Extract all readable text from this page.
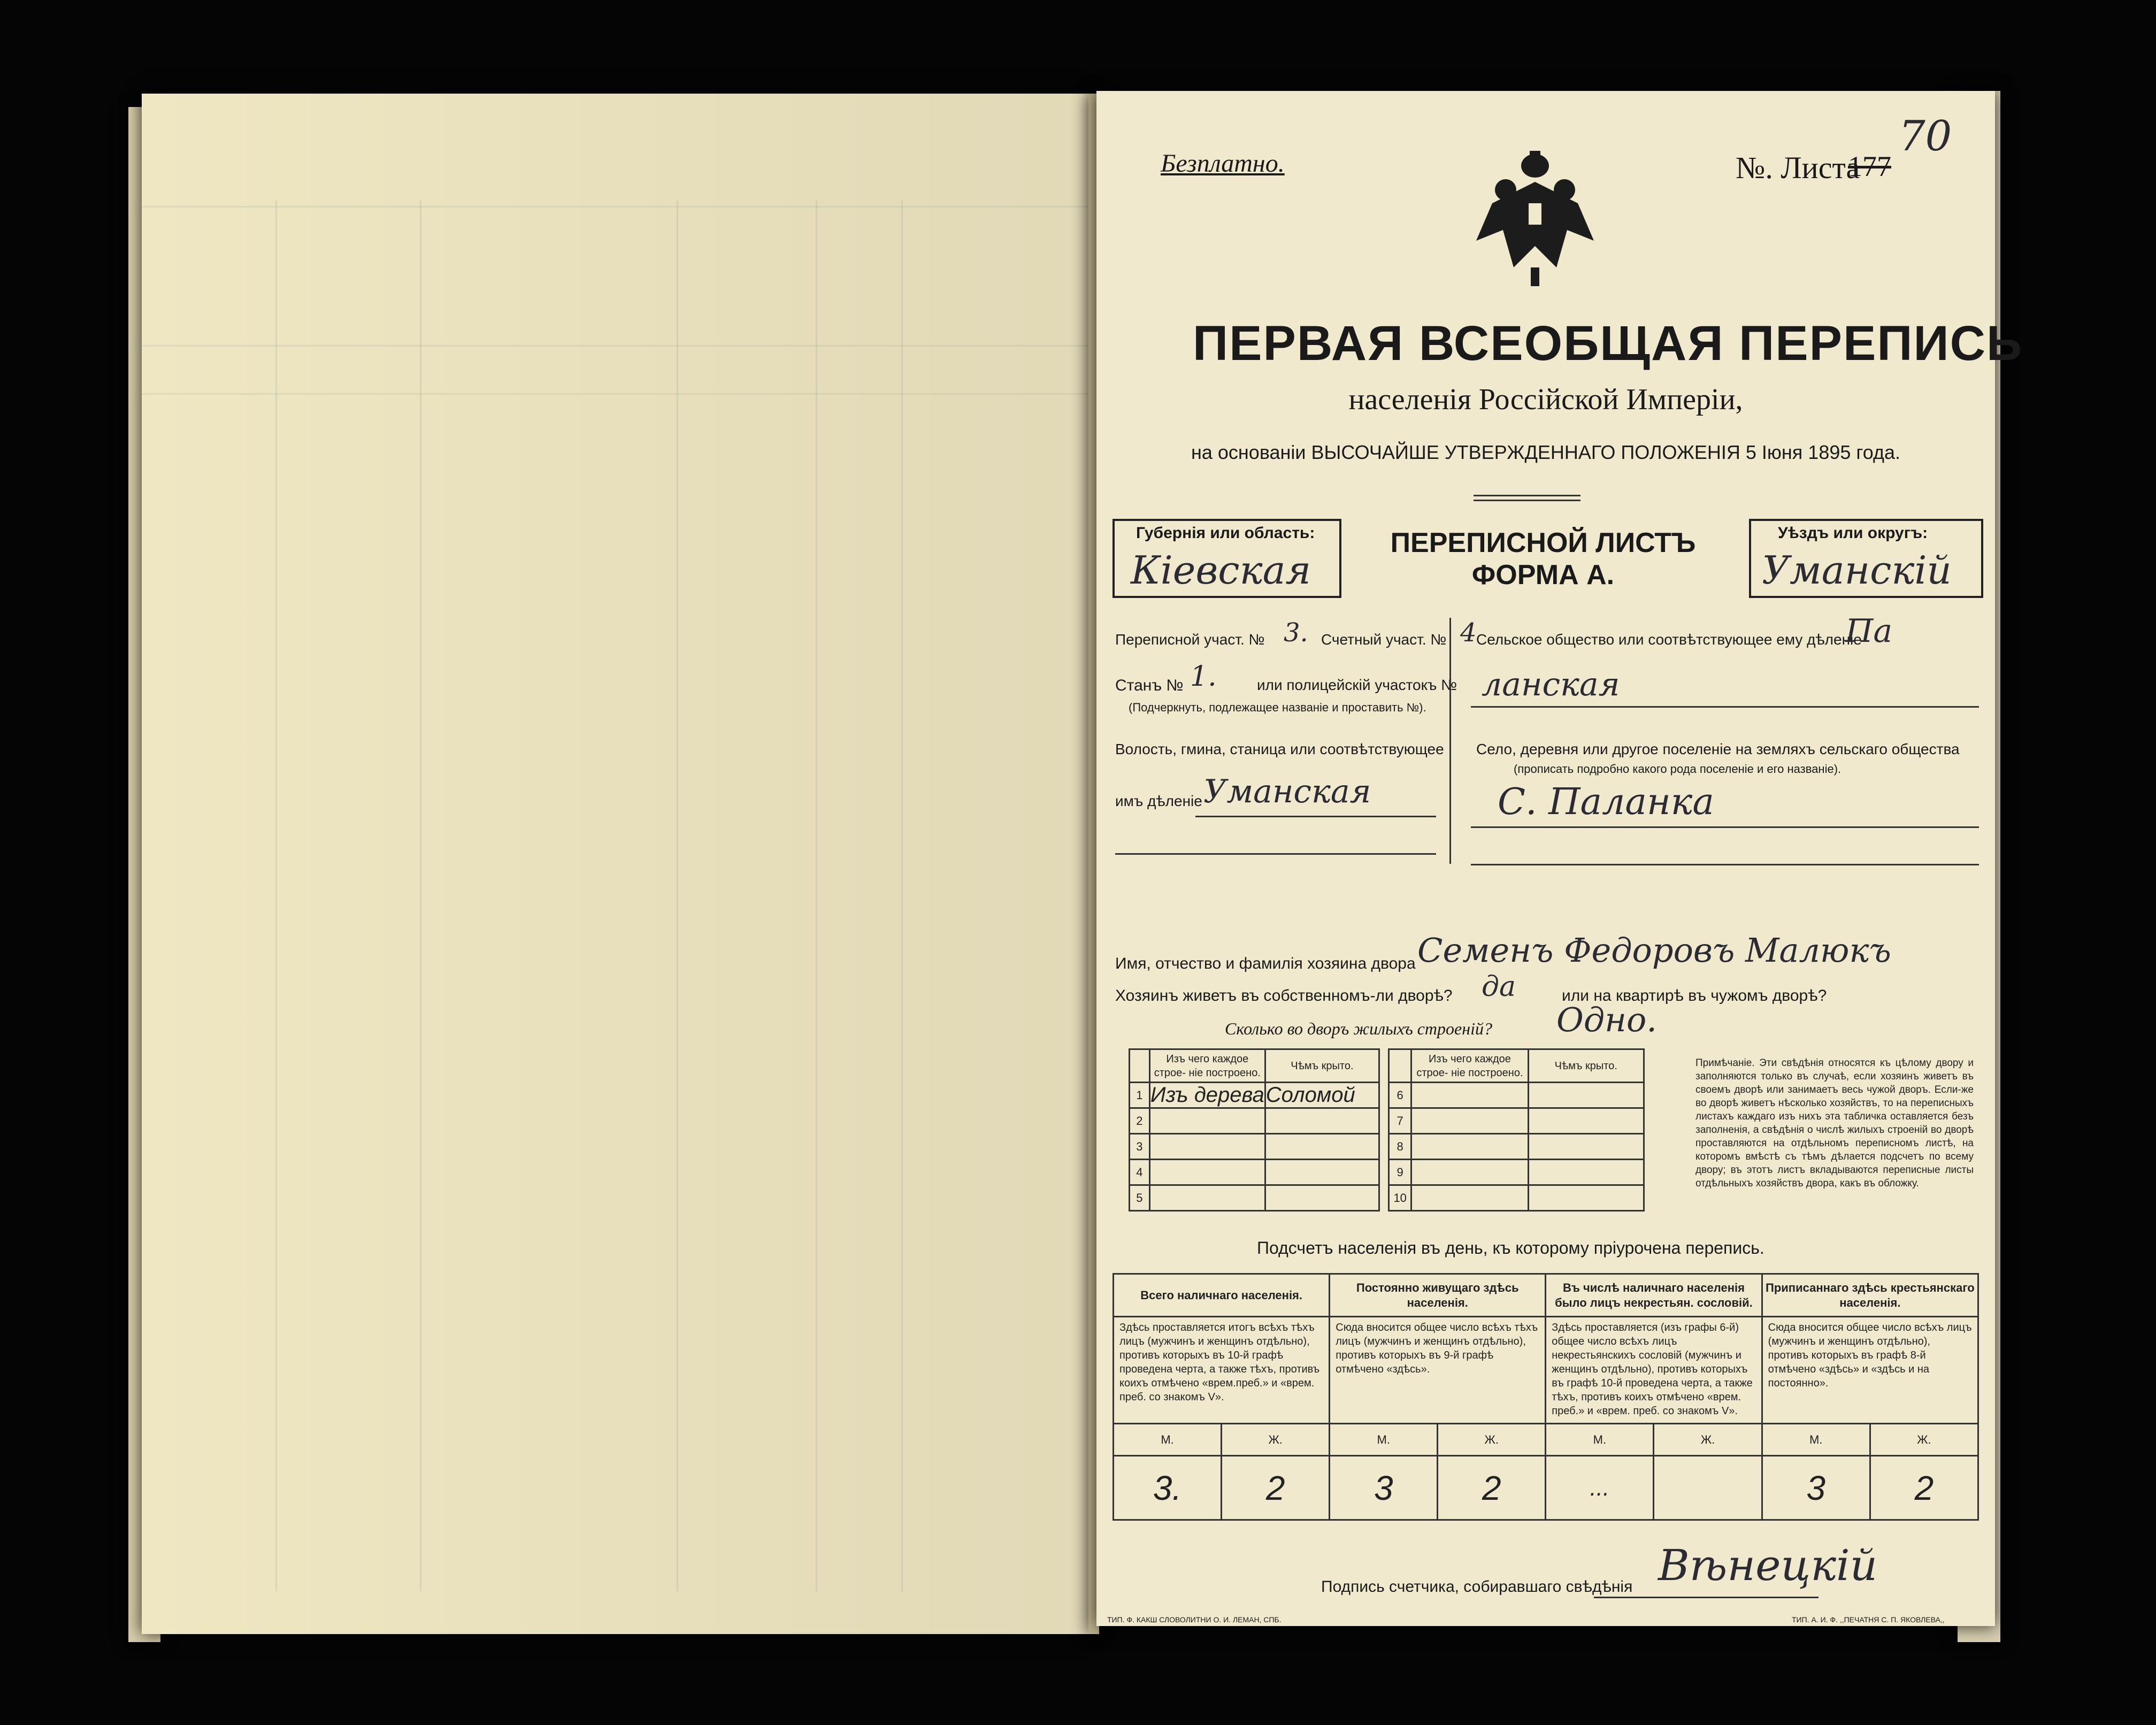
Безплатно.	№. Листа
177
70
ПЕРВАЯ ВСЕОБЩАЯ ПЕРЕПИСЬ
населенія Россійской Имперіи,
на основаніи ВЫСОЧАЙШЕ УТВЕРЖДЕННАГО ПОЛОЖЕНІЯ 5 Іюня 1895 года.
Губернія или область:
Кіевская
ПЕРЕПИСНОЙ ЛИСТЪ
ФОРМА А.
Уѣздъ или округъ:
Уманскій
Переписной участ. № 3. Счетный участ. № 4
Станъ № 1.	или полицейскій участокъ №
(Подчеркнуть, подлежащее названіе и проставить №).
Волость, гмина, станица или соотвѣтствующее
имъ дѣленіе Уманская
Сельское общество или соотвѣтствующее ему дѣленіе
Па
ланская
Село, деревня или другое поселеніе на земляхъ сельскаго общества
(прописать подробно какого рода поселеніе и его названіе).
С. Паланка
Имя, отчество и фамилія хозяина двора Семенъ Федоровъ Малюкъ
Хозяинъ живетъ въ собственномъ-ли дворѣ? да	или на квартирѣ въ чужомъ дворѣ?
Сколько во дворъ жилыхъ строеній? Одно.
	Изъ чего каждое строе- ніе построено.	Чѣмъ крыто.
1	Изъ дерева	Соломой
2		
3		
4		
5		
	Изъ чего каждое строе- ніе построено.	Чѣмъ крыто.
6		
7		
8		
9		
10		
Примѣчаніе. Эти свѣдѣнія относятся къ цѣлому двору и заполняются только въ случаѣ, если хозяинъ живетъ въ своемъ дворѣ или занимаетъ весь чужой дворъ. Если-же во дворѣ живетъ нѣсколько хозяйствъ, то на переписныхъ листахъ каждаго изъ нихъ эта табличка оставляется безъ заполненія, а свѣдѣнія о числѣ жилыхъ строеній во дворѣ проставляются на отдѣльномъ переписномъ листѣ, на которомъ вмѣстѣ съ тѣмъ дѣлается подсчетъ по всему двору; въ этотъ листъ вкладываются переписные листы отдѣльныхъ хозяйствъ двора, какъ въ обложку.
Подсчетъ населенія въ день, къ которому пріурочена перепись.
Всего наличнаго населенія.		Постоянно живущаго здѣсь населенія.		Въ числѣ наличнаго населенія было лицъ некрестьян. сословій.		Приписаннаго здѣсь крестьянскаго населенія.	
Здѣсь проставляется итогъ всѣхъ тѣхъ лицъ (мужчинъ и женщинъ отдѣльно), противъ которыхъ въ 10-й графѣ проведена черта, а также тѣхъ, противъ коихъ отмѣчено «врем.преб.» и «врем. преб. со знакомъ V».		Сюда вносится общее число всѣхъ тѣхъ лицъ (мужчинъ и женщинъ отдѣльно), противъ которыхъ въ 9-й графѣ отмѣчено «здѣсь».		Здѣсь проставляется (изъ графы 6-й) общее число всѣхъ лицъ некрестьянскихъ сословій (мужчинъ и женщинъ отдѣльно), противъ которыхъ въ графѣ 10-й проведена черта, а также тѣхъ, противъ коихъ отмѣчено «врем. преб.» и «врем. преб. со знакомъ V».		Сюда вносится общее число всѣхъ лицъ (мужчинъ и женщинъ отдѣльно), противъ которыхъ въ графѣ 8-й отмѣчено «здѣсь» и «здѣсь и на постоянно».	
М.	Ж.	М.	Ж.	М.	Ж.	М.	Ж.
3.	2	3	2	...		3	2
Подпись счетчика, собиравшаго свѣдѣнія Вѣнецкій
ТИП. Ф. КАКШ СЛОВОЛИТНИ О. И. ЛЕМАН, СПБ.	ТИП. А. И. Ф. ,,ПЕЧАТНЯ С. П. ЯКОВЛЕВА,,
